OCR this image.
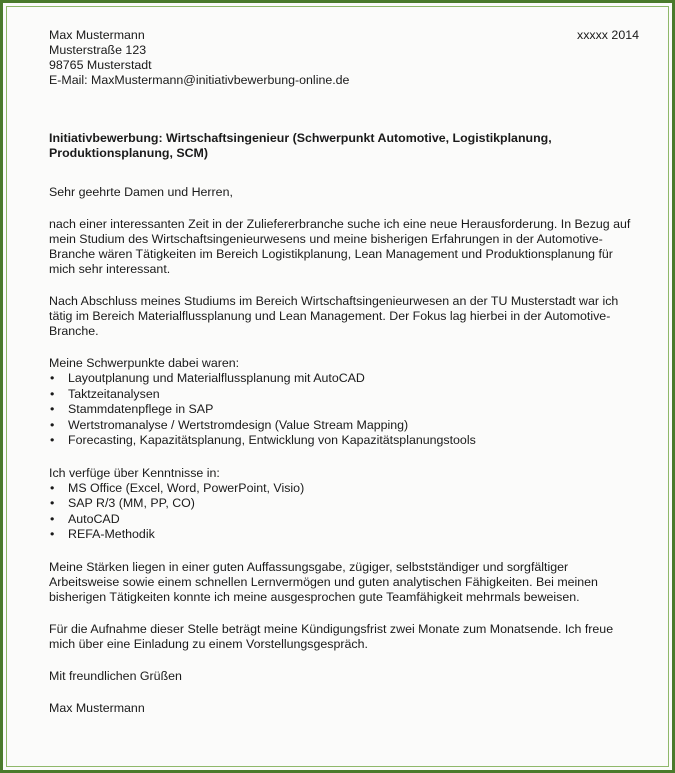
xxxxx 2014
Max Mustermann
Musterstraße 123
98765 Musterstadt
E-Mail: MaxMustermann@initiativbewerbung-online.de
Initiativbewerbung: Wirtschaftsingenieur (Schwerpunkt Automotive, Logistikplanung, Produktionsplanung, SCM)
Sehr geehrte Damen und Herren,
nach einer interessanten Zeit in der Zuliefererbranche suche ich eine neue Herausforderung. In Bezug auf mein Studium des Wirtschaftsingenieurwesens und meine bisherigen Erfahrungen in der Automotive-Branche wären Tätigkeiten im Bereich Logistikplanung, Lean Management und Produktionsplanung für mich sehr interessant.
Nach Abschluss meines Studiums im Bereich Wirtschaftsingenieurwesen an der TU Musterstadt war ich tätig im Bereich Materialflussplanung und Lean Management. Der Fokus lag hierbei in der Automotive-Branche.
Meine Schwerpunkte dabei waren:
• Layoutplanung und Materialflussplanung mit AutoCAD
• Taktzeitanalysen
• Stammdatenpflege in SAP
• Wertstromanalyse / Wertstromdesign (Value Stream Mapping)
• Forecasting, Kapazitätsplanung, Entwicklung von Kapazitätsplanungstools
Ich verfüge über Kenntnisse in:
• MS Office (Excel, Word, PowerPoint, Visio)
• SAP R/3 (MM, PP, CO)
• AutoCAD
• REFA-Methodik
Meine Stärken liegen in einer guten Auffassungsgabe, zügiger, selbstständiger und sorgfältiger Arbeitsweise sowie einem schnellen Lernvermögen und guten analytischen Fähigkeiten. Bei meinen bisherigen Tätigkeiten konnte ich meine ausgesprochen gute Teamfähigkeit mehrmals beweisen.
Für die Aufnahme dieser Stelle beträgt meine Kündigungsfrist zwei Monate zum Monatsende. Ich freue mich über eine Einladung zu einem Vorstellungsgespräch.
Mit freundlichen Grüßen
Max Mustermann
